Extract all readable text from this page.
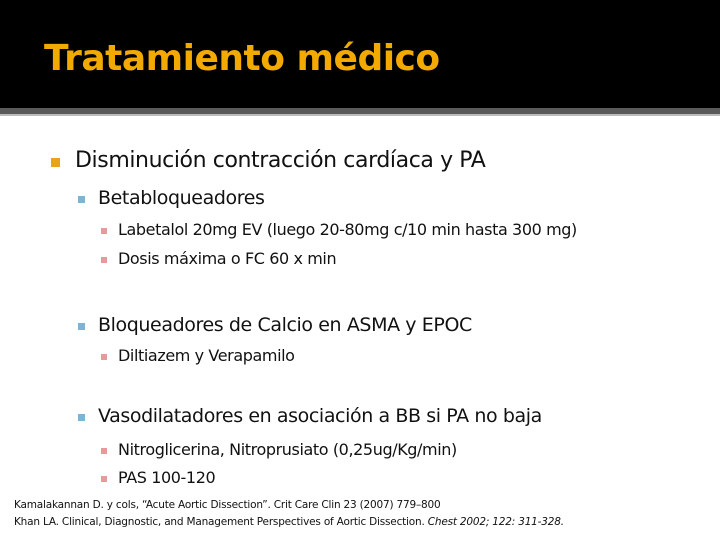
Tratamiento médico
Disminución contracción cardíaca y PA
Betabloqueadores
Labetalol 20mg EV (luego 20-80mg c/10 min hasta 300 mg)
Dosis máxima o FC 60 x min
Bloqueadores de Calcio en ASMA y EPOC
Diltiazem y Verapamilo
Vasodilatadores en asociación a BB si PA no baja
Nitroglicerina, Nitroprusiato (0,25ug/Kg/min)
PAS 100-120
Kamalakannan D. y cols, “Acute Aortic Dissection”. Crit Care Clin 23 (2007) 779–800
Khan LA. Clinical, Diagnostic, and Management Perspectives of Aortic Dissection. Chest 2002; 122: 311-328.
